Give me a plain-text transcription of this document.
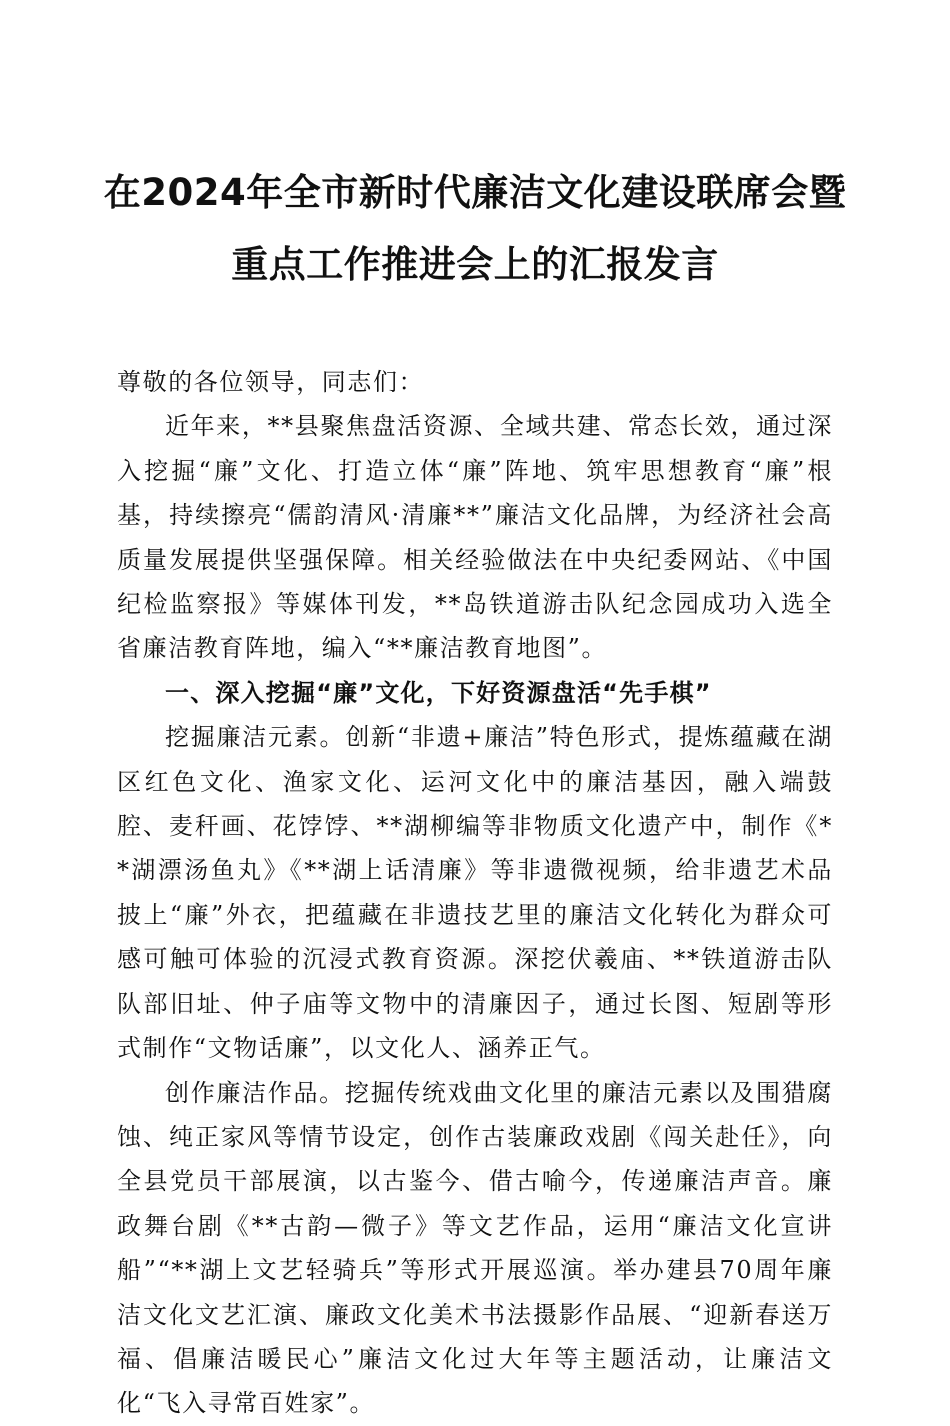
在2024年全市新时代廉洁文化建设联席会暨
重点工作推进会上的汇报发言

尊敬的各位领导，同志们：

近年来，**县聚焦盘活资源、全域共建、常态长效，通过深入挖掘“廉”文化、打造立体“廉”阵地、筑牢思想教育“廉”根基，持续擦亮“儒韵清风·清廉**”廉洁文化品牌，为经济社会高质量发展提供坚强保障。相关经验做法在中央纪委网站、《中国纪检监察报》等媒体刊发，**岛铁道游击队纪念园成功入选全省廉洁教育阵地，编入“**廉洁教育地图”。

一、深入挖掘“廉”文化，下好资源盘活“先手棋”

挖掘廉洁元素。创新“非遗+廉洁”特色形式，提炼蕴藏在湖区红色文化、渔家文化、运河文化中的廉洁基因，融入端鼓腔、麦秆画、花饽饽、**湖柳编等非物质文化遗产中，制作《**湖漂汤鱼丸》《**湖上话清廉》等非遗微视频，给非遗艺术品披上“廉”外衣，把蕴藏在非遗技艺里的廉洁文化转化为群众可感可触可体验的沉浸式教育资源。深挖伏羲庙、**铁道游击队队部旧址、仲子庙等文物中的清廉因子，通过长图、短剧等形式制作“文物话廉”，以文化人、涵养正气。

创作廉洁作品。挖掘传统戏曲文化里的廉洁元素以及围猎腐蚀、纯正家风等情节设定，创作古装廉政戏剧《闯关赴任》，向全县党员干部展演，以古鉴今、借古喻今，传递廉洁声音。廉政舞台剧《**古韵—微子》等文艺作品，运用“廉洁文化宣讲船”“**湖上文艺轻骑兵”等形式开展巡演。举办建县70周年廉洁文化文艺汇演、廉政文化美术书法摄影作品展、“迎新春送万福、倡廉洁暖民心”廉洁文化过大年等主题活动，让廉洁文化“飞入寻常百姓家”。
